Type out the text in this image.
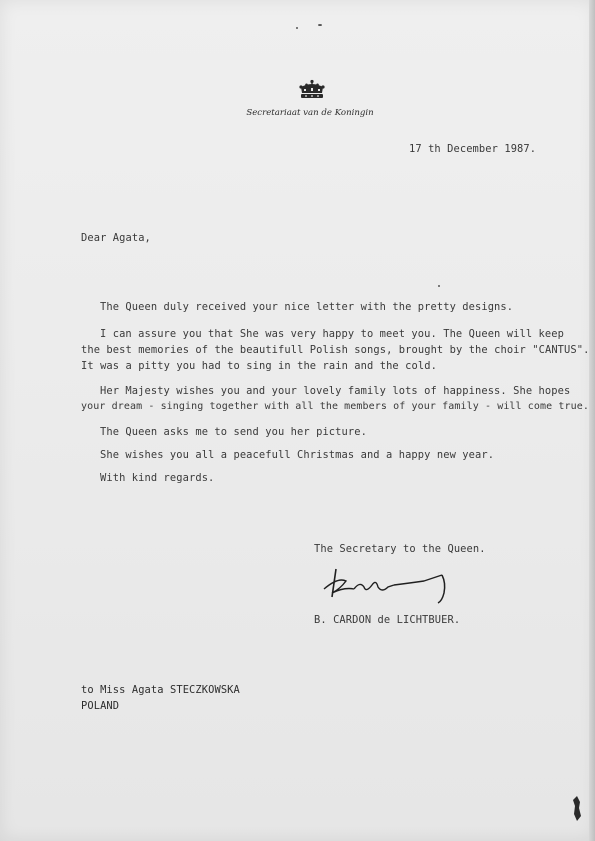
Secretariaat van de Koningin
17 th December 1987.
Dear Agata,
The Queen duly received your nice letter with the pretty designs.
I can assure you that She was very happy to meet you. The Queen will keep
the best memories of the beautifull Polish songs, brought by the choir "CANTUS".
It was a pitty you had to sing in the rain and the cold.
Her Majesty wishes you and your lovely family lots of happiness. She hopes
your dream - singing together with all the members of your family - will come true.
The Queen asks me to send you her picture.
She wishes you all a peacefull Christmas and a happy new year.
With kind regards.
The Secretary to the Queen.
B. CARDON de LICHTBUER.
to Miss Agata STECZKOWSKA
POLAND
